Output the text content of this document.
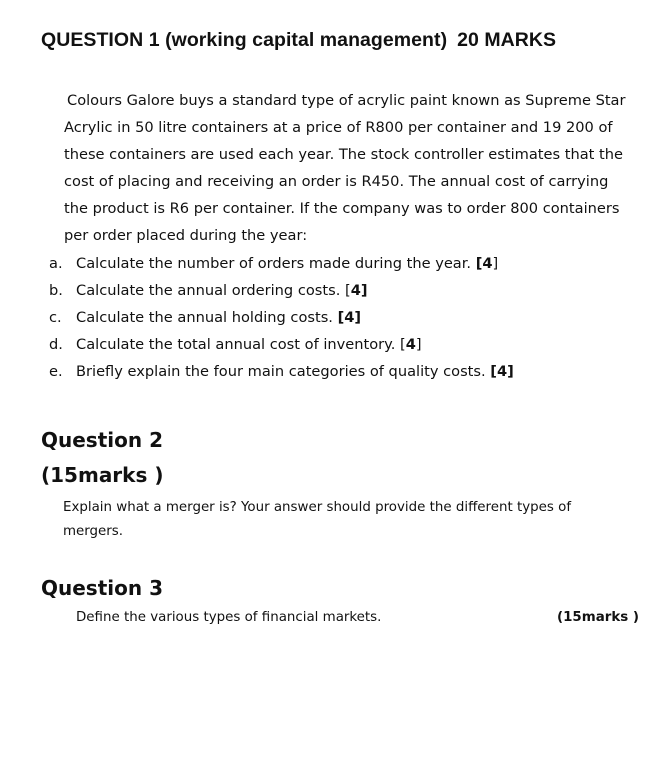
QUESTION 1 (working capital management) 20 MARKS
Colours Galore buys a standard type of acrylic paint known as Supreme Star
Acrylic in 50 litre containers at a price of R800 per container and 19 200 of
these containers are used each year. The stock controller estimates that the
cost of placing and receiving an order is R450. The annual cost of carrying
the product is R6 per container. If the company was to order 800 containers
per order placed during the year:
a. Calculate the number of orders made during the year. [4]
b. Calculate the annual ordering costs. [4]
c. Calculate the annual holding costs. [4]
d. Calculate the total annual cost of inventory. [4]
e. Briefly explain the four main categories of quality costs. [4]
Question 2
(15marks )
Explain what a merger is? Your answer should provide the different types of
mergers.
Question 3
Define the various types of financial markets.	(15marks )
